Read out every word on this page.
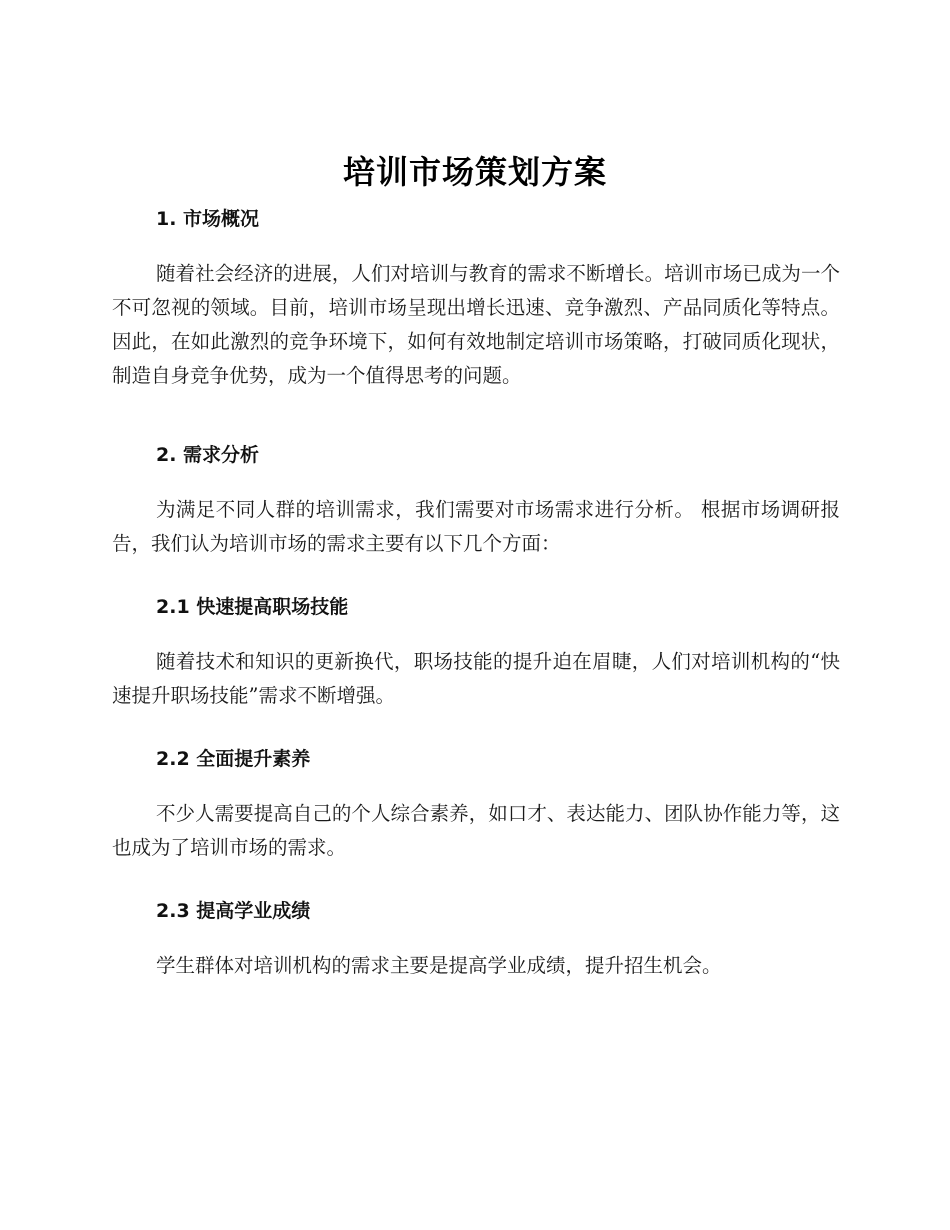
培训市场策划方案
1. 市场概况
随着社会经济的进展，人们对培训与教育的需求不断增长。培训市场已成为一个不可忽视的领域。目前，培训市场呈现出增长迅速、竞争激烈、产品同质化等特点。因此，在如此激烈的竞争环境下，如何有效地制定培训市场策略，打破同质化现状，制造自身竞争优势，成为一个值得思考的问题。
2. 需求分析
为满足不同人群的培训需求，我们需要对市场需求进行分析。 根据市场调研报告，我们认为培训市场的需求主要有以下几个方面：
2.1 快速提高职场技能
随着技术和知识的更新换代，职场技能的提升迫在眉睫，人们对培训机构的“快速提升职场技能”需求不断增强。
2.2 全面提升素养
不少人需要提高自己的个人综合素养，如口才、表达能力、团队协作能力等，这也成为了培训市场的需求。
2.3 提高学业成绩
学生群体对培训机构的需求主要是提高学业成绩，提升招生机会。
